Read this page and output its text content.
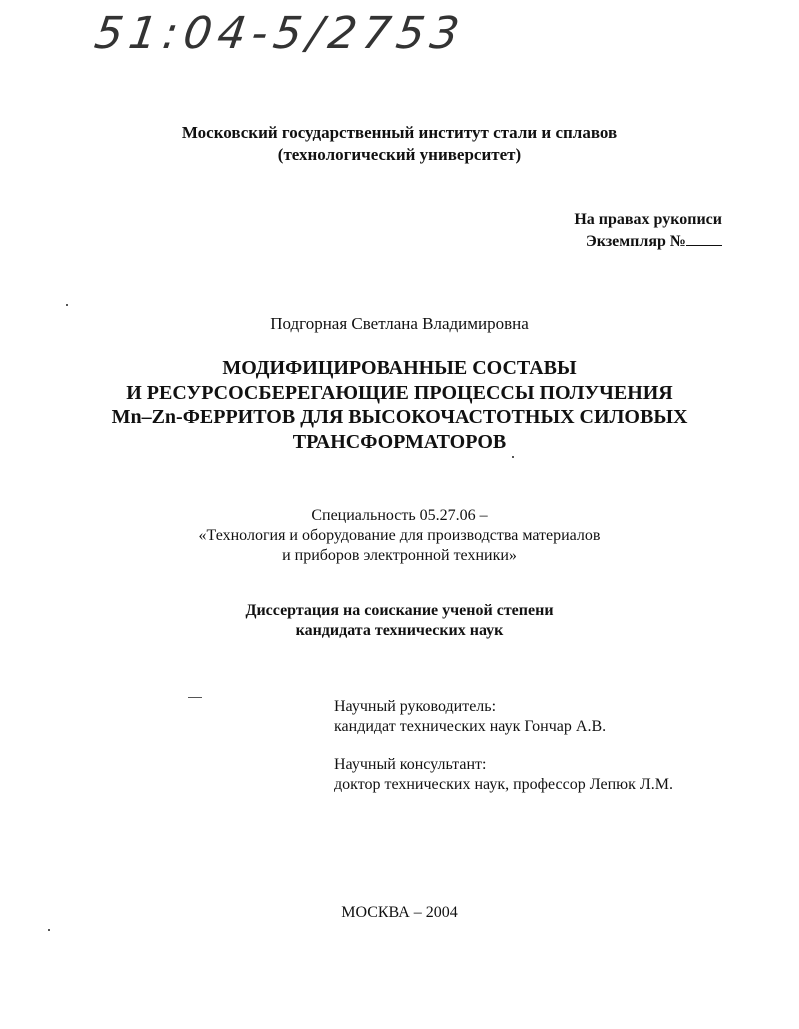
51:04-5/2753
Московский государственный институт стали и сплавов
(технологический университет)
На правах рукописи
Экземпляр №
Подгорная Светлана Владимировна
МОДИФИЦИРОВАННЫЕ СОСТАВЫ
И РЕСУРСОСБЕРЕГАЮЩИЕ ПРОЦЕССЫ ПОЛУЧЕНИЯ
Mn–Zn-ФЕРРИТОВ ДЛЯ ВЫСОКОЧАСТОТНЫХ СИЛОВЫХ
ТРАНСФОРМАТОРОВ
Специальность 05.27.06 –
«Технология и оборудование для производства материалов
и приборов электронной техники»
Диссертация на соискание ученой степени
кандидата технических наук
Научный руководитель:
кандидат технических наук Гончар А.В.
Научный консультант:
доктор технических наук, профессор Лепюк Л.М.
МОСКВА – 2004
